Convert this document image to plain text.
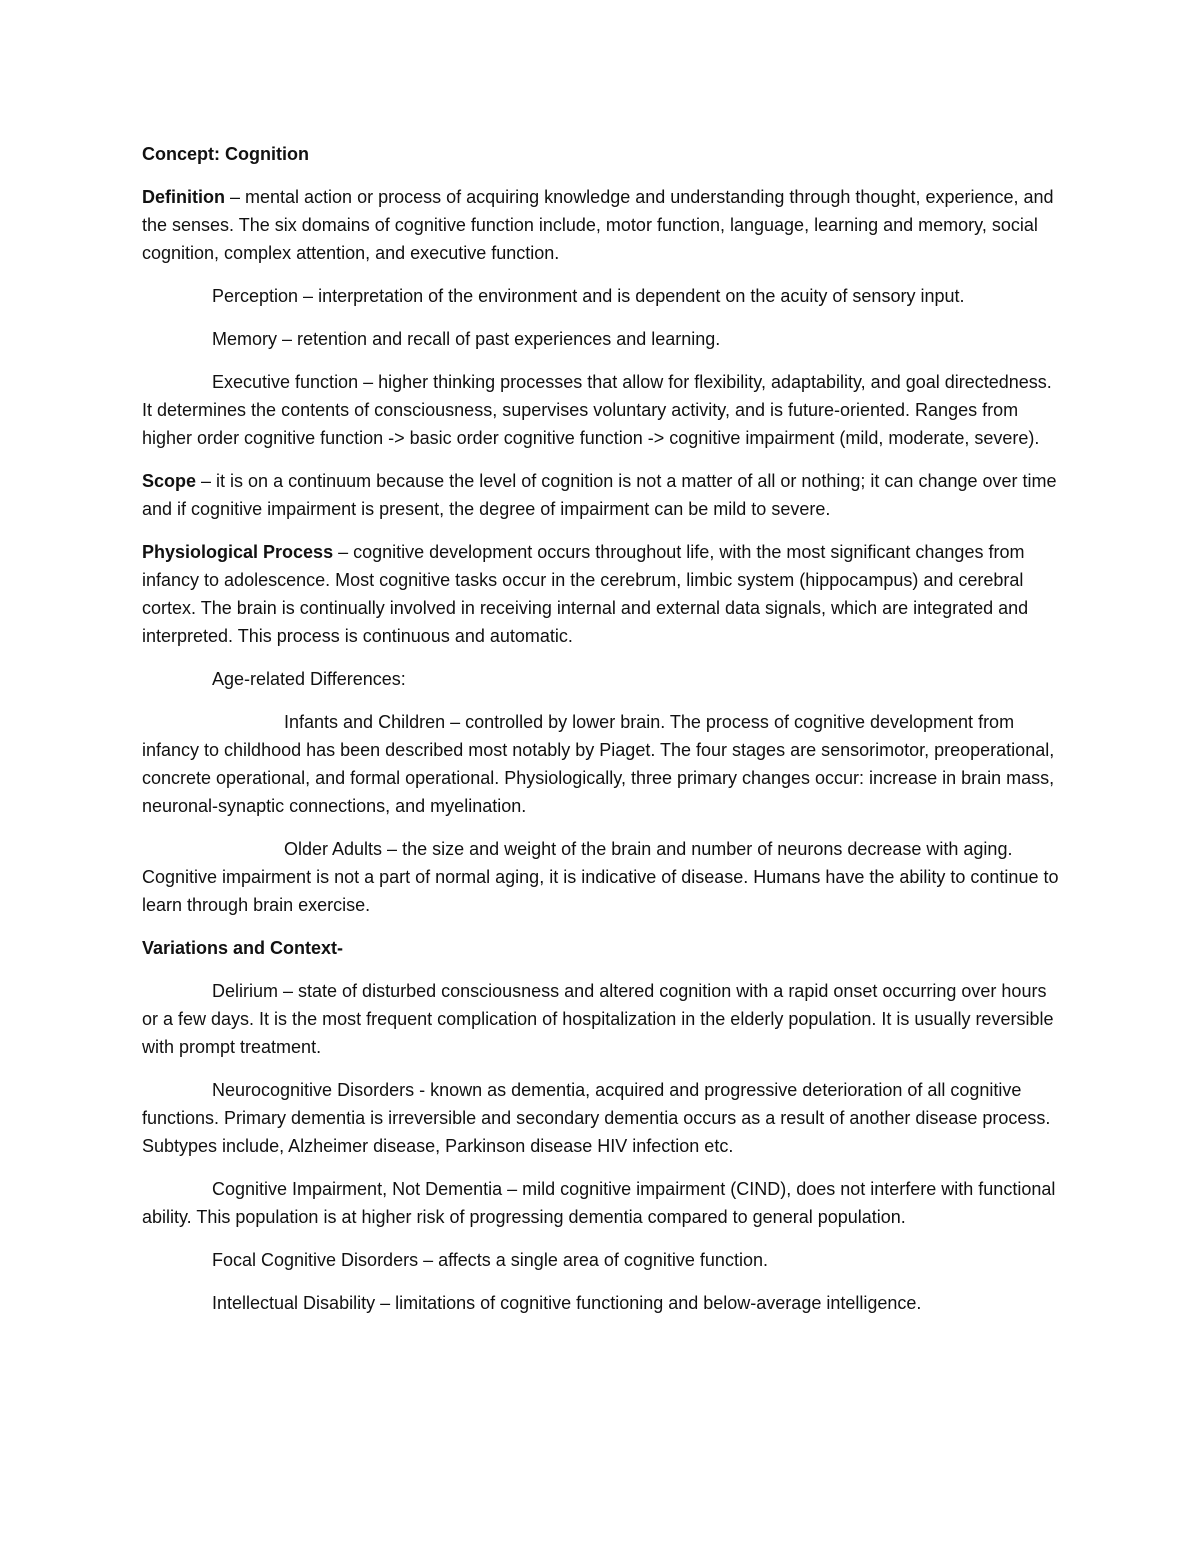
Concept: Cognition

Definition – mental action or process of acquiring knowledge and understanding through thought, experience, and the senses. The six domains of cognitive function include, motor function, language, learning and memory, social cognition, complex attention, and executive function.

Perception – interpretation of the environment and is dependent on the acuity of sensory input.

Memory – retention and recall of past experiences and learning.

Executive function – higher thinking processes that allow for flexibility, adaptability, and goal directedness. It determines the contents of consciousness, supervises voluntary activity, and is future-oriented. Ranges from higher order cognitive function -> basic order cognitive function -> cognitive impairment (mild, moderate, severe).

Scope – it is on a continuum because the level of cognition is not a matter of all or nothing; it can change over time and if cognitive impairment is present, the degree of impairment can be mild to severe.

Physiological Process – cognitive development occurs throughout life, with the most significant changes from infancy to adolescence. Most cognitive tasks occur in the cerebrum, limbic system (hippocampus) and cerebral cortex. The brain is continually involved in receiving internal and external data signals, which are integrated and interpreted. This process is continuous and automatic.

Age-related Differences:

Infants and Children – controlled by lower brain. The process of cognitive development from infancy to childhood has been described most notably by Piaget. The four stages are sensorimotor, preoperational, concrete operational, and formal operational. Physiologically, three primary changes occur: increase in brain mass, neuronal-synaptic connections, and myelination.

Older Adults – the size and weight of the brain and number of neurons decrease with aging. Cognitive impairment is not a part of normal aging, it is indicative of disease. Humans have the ability to continue to learn through brain exercise.

Variations and Context-

Delirium – state of disturbed consciousness and altered cognition with a rapid onset occurring over hours or a few days. It is the most frequent complication of hospitalization in the elderly population. It is usually reversible with prompt treatment.

Neurocognitive Disorders - known as dementia, acquired and progressive deterioration of all cognitive functions. Primary dementia is irreversible and secondary dementia occurs as a result of another disease process. Subtypes include, Alzheimer disease, Parkinson disease HIV infection etc.

Cognitive Impairment, Not Dementia – mild cognitive impairment (CIND), does not interfere with functional ability. This population is at higher risk of progressing dementia compared to general population.

Focal Cognitive Disorders – affects a single area of cognitive function.

Intellectual Disability – limitations of cognitive functioning and below-average intelligence.
